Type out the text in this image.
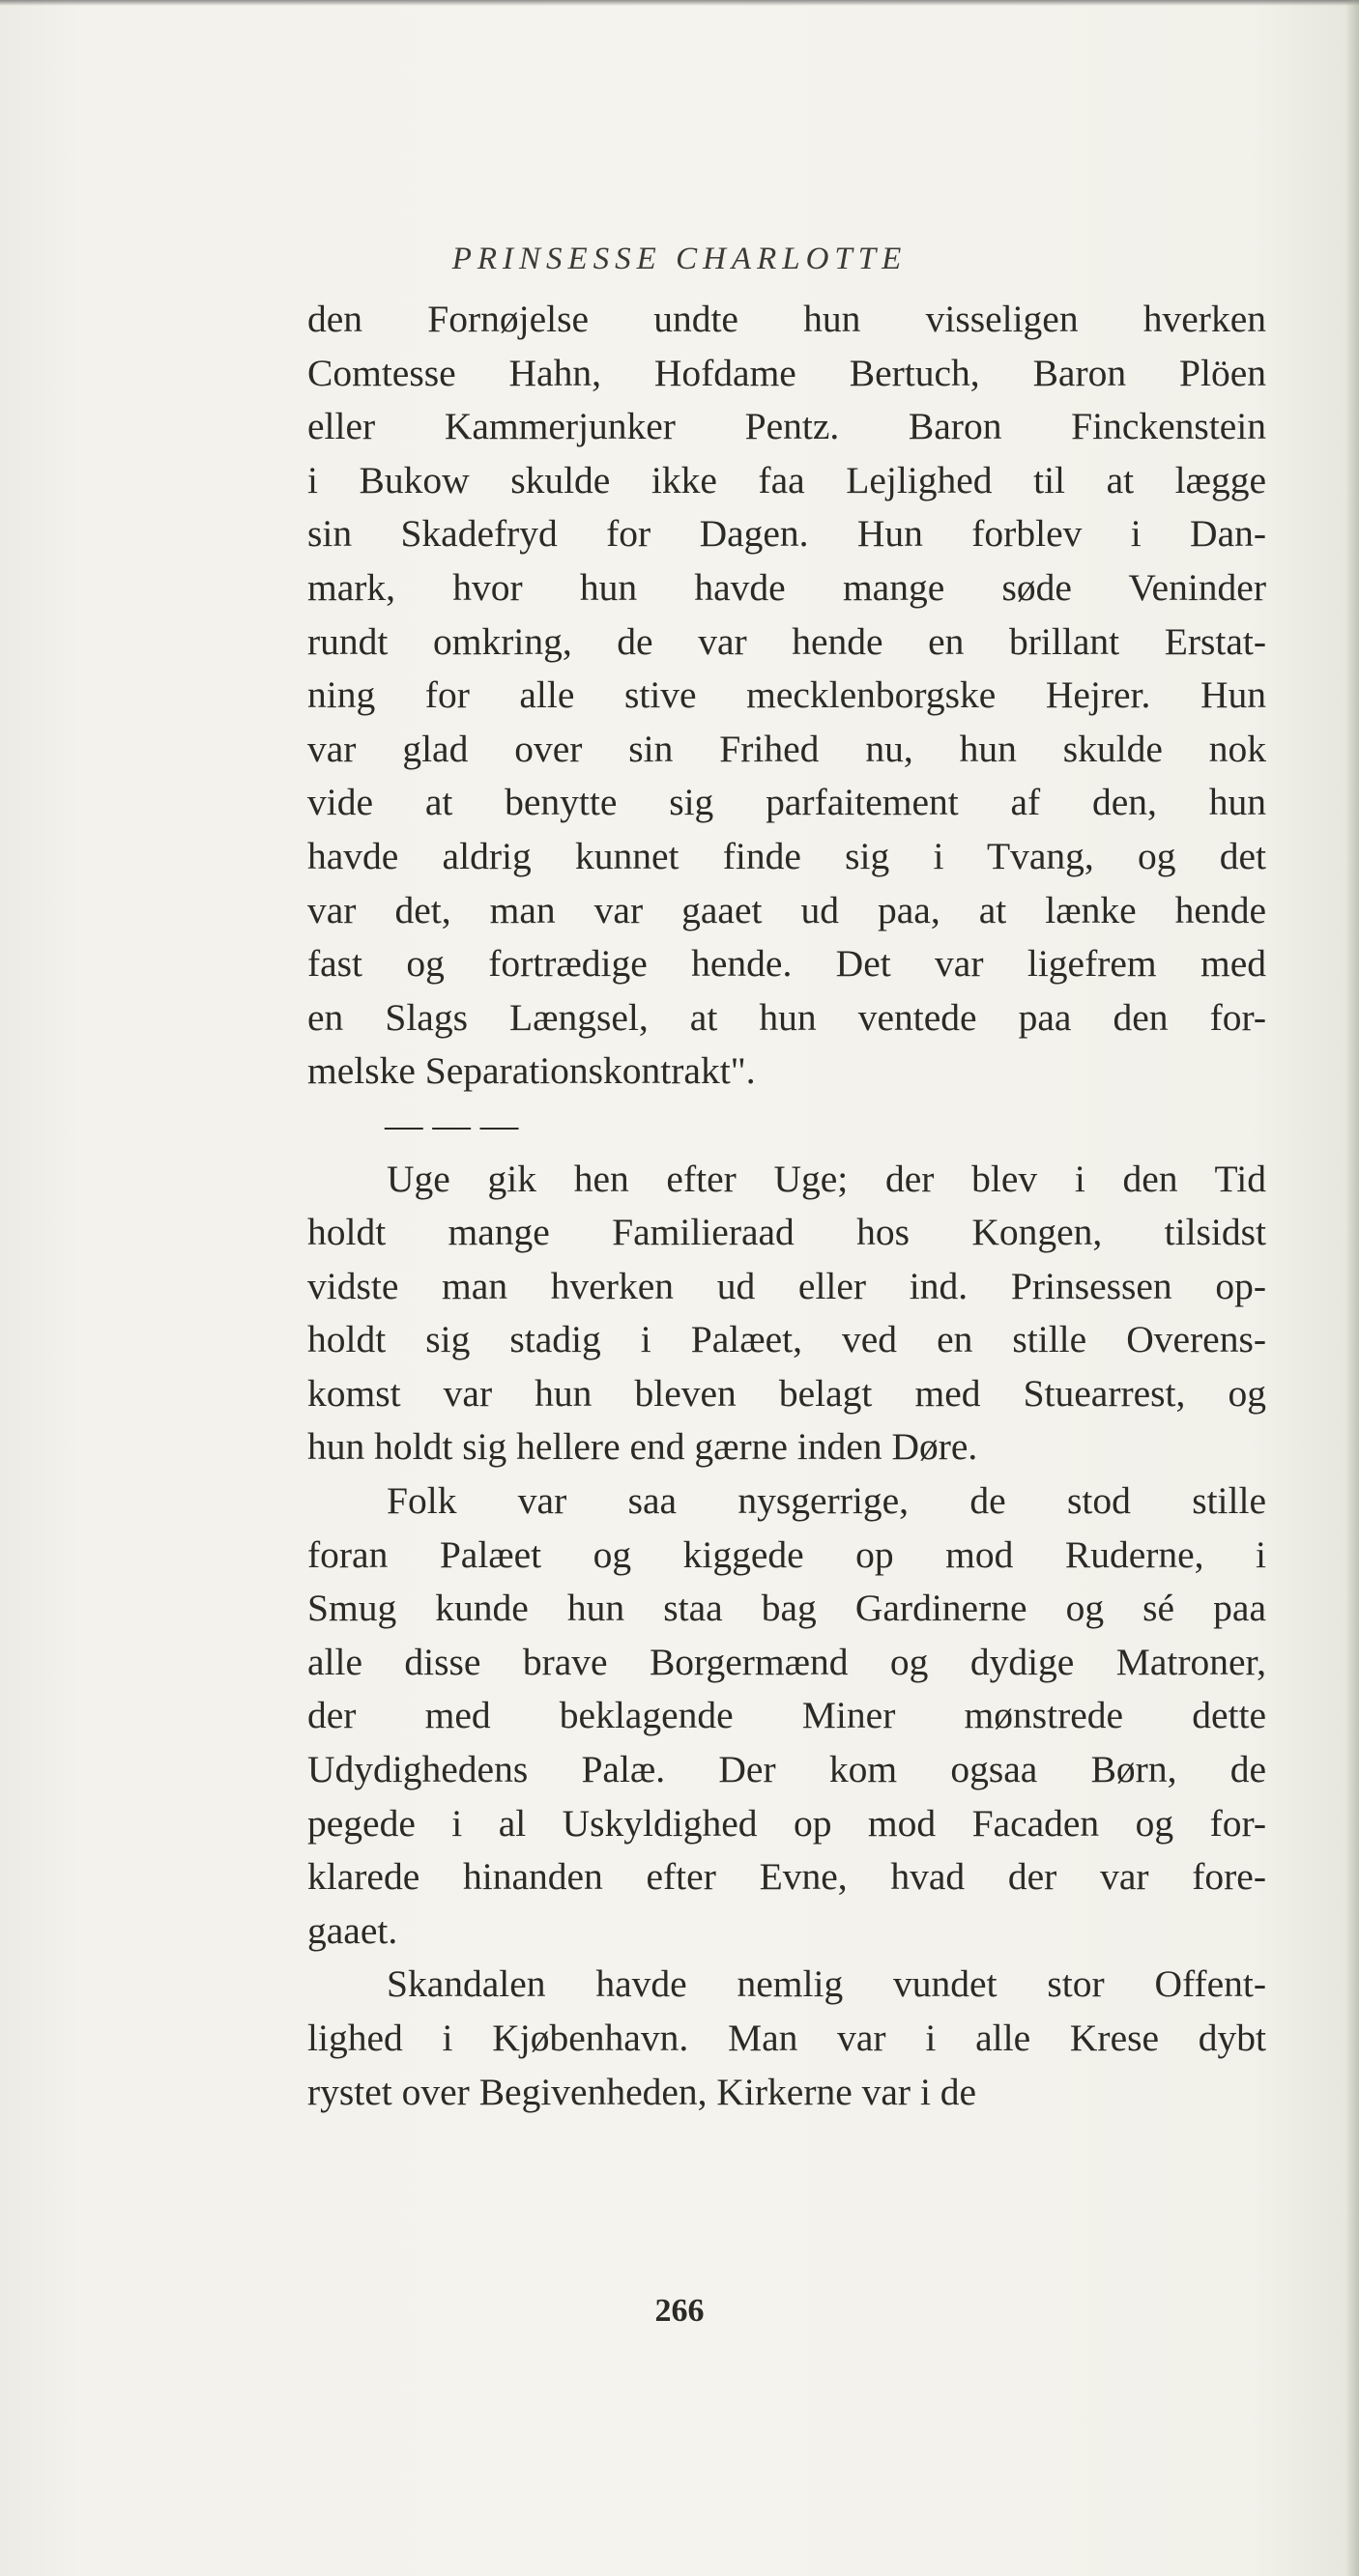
PRINSESSE CHARLOTTE
den Fornøjelse undte hun visseligen hverken
Comtesse Hahn, Hofdame Bertuch, Baron Plöen
eller Kammerjunker Pentz. Baron Finckenstein
i Bukow skulde ikke faa Lejlighed til at lægge
sin Skadefryd for Dagen. Hun forblev i Dan-
mark, hvor hun havde mange søde Veninder
rundt omkring, de var hende en brillant Erstat-
ning for alle stive mecklenborgske Hejrer. Hun
var glad over sin Frihed nu, hun skulde nok
vide at benytte sig parfaitement af den, hun
havde aldrig kunnet finde sig i Tvang, og det
var det, man var gaaet ud paa, at lænke hende
fast og fortrædige hende. Det var ligefrem med
en Slags Længsel, at hun ventede paa den for-
melske Separationskontrakt".
— — —
Uge gik hen efter Uge; der blev i den Tid
holdt mange Familieraad hos Kongen, tilsidst
vidste man hverken ud eller ind. Prinsessen op-
holdt sig stadig i Palæet, ved en stille Overens-
komst var hun bleven belagt med Stuearrest, og
hun holdt sig hellere end gærne inden Døre.
Folk var saa nysgerrige, de stod stille
foran Palæet og kiggede op mod Ruderne, i
Smug kunde hun staa bag Gardinerne og sé paa
alle disse brave Borgermænd og dydige Matroner,
der med beklagende Miner mønstrede dette
Udydighedens Palæ. Der kom ogsaa Børn, de
pegede i al Uskyldighed op mod Facaden og for-
klarede hinanden efter Evne, hvad der var fore-
gaaet.
Skandalen havde nemlig vundet stor Offent-
lighed i Kjøbenhavn. Man var i alle Krese dybt
rystet over Begivenheden, Kirkerne var i de
266
